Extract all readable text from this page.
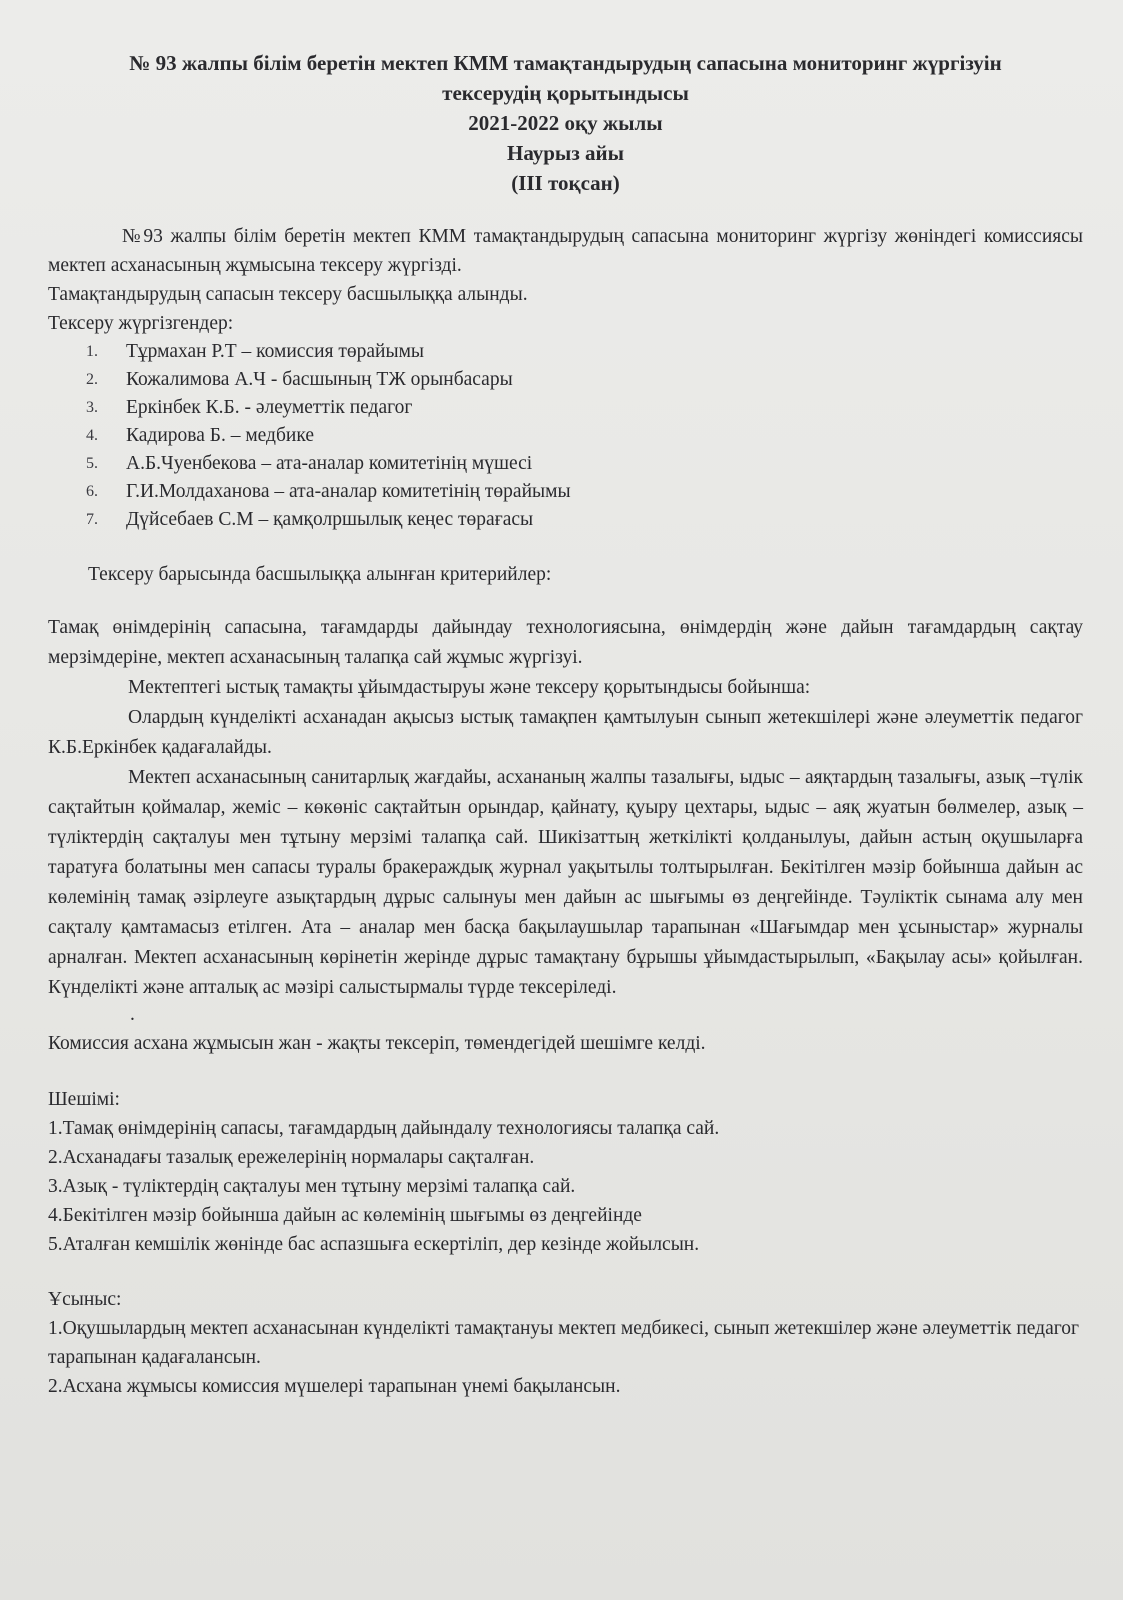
№ 93 жалпы білім беретін мектеп КММ тамақтандырудың сапасына мониторинг жүргізуін
тексерудің қорытындысы
2021-2022 оқу жылы
Наурыз айы
(ІІІ тоқсан)

№93 жалпы білім беретін мектеп КММ тамақтандырудың сапасына мониторинг жүргізу жөніндегі комиссиясы мектеп асханасының жұмысына тексеру жүргізді.

Тамақтандырудың сапасын тексеру басшылыққа алынды.

Тексеру жүргізгендер:

1.	Тұрмахан Р.Т – комиссия төрайымы
2.	Кожалимова А.Ч - басшының ТЖ орынбасары
3.	Еркінбек К.Б. - әлеуметтік педагог
4.	Кадирова Б. – медбике
5.	А.Б.Чуенбекова – ата-аналар комитетінің мүшесі
6.	Г.И.Молдаханова – ата-аналар комитетінің төрайымы
7.	Дүйсебаев С.М – қамқолршылық кеңес төрағасы

Тексеру барысында басшылыққа алынған критерийлер:

Тамақ өнімдерінің сапасына, тағамдарды дайындау технологиясына, өнімдердің және дайын тағамдардың сақтау мерзімдеріне, мектеп асханасының талапқа сай жұмыс жүргізуі.

Мектептегі ыстық тамақты ұйымдастыруы және тексеру қорытындысы бойынша:

Олардың күнделікті асханадан ақысыз ыстық тамақпен қамтылуын сынып жетекшілері және әлеуметтік педагог К.Б.Еркінбек қадағалайды.

Мектеп асханасының санитарлық жағдайы, асхананың жалпы тазалығы, ыдыс – аяқтардың тазалығы, азық –түлік сақтайтын қоймалар, жеміс – көкөніс сақтайтын орындар, қайнату, қуыру цехтары, ыдыс – аяқ жуатын бөлмелер, азық – түліктердің сақталуы мен тұтыну мерзімі талапқа сай. Шикізаттың жеткілікті қолданылуы, дайын астың оқушыларға таратуға болатыны мен сапасы туралы бракераждық журнал уақытылы толтырылған. Бекітілген мәзір бойынша дайын ас көлемінің тамақ әзірлеуге азықтардың дұрыс салынуы мен дайын ас шығымы өз деңгейінде. Тәуліктік сынама алу мен сақталу қамтамасыз етілген. Ата – аналар мен басқа бақылаушылар тарапынан «Шағымдар мен ұсыныстар» журналы арналған. Мектеп асханасының көрінетін жерінде дұрыс тамақтану бұрышы ұйымдастырылып, «Бақылау асы» қойылған. Күнделікті және апталық ас мәзірі салыстырмалы түрде тексеріледі.

.

Комиссия асхана жұмысын жан - жақты тексеріп, төмендегідей шешімге келді.

Шешімі:

1.Тамақ өнімдерінің сапасы, тағамдардың дайындалу технологиясы талапқа сай.

2.Асханадағы тазалық ережелерінің нормалары сақталған.

3.Азық - түліктердің сақталуы мен тұтыну мерзімі талапқа сай.

4.Бекітілген мәзір бойынша дайын ас көлемінің шығымы өз деңгейінде

5.Аталған кемшілік жөнінде бас аспазшыға ескертіліп, дер кезінде жойылсын.

Ұсыныс:

1.Оқушылардың мектеп асханасынан күнделікті тамақтануы мектеп медбикесі, сынып жетекшілер және әлеуметтік педагог тарапынан қадағалансын.

2.Асхана жұмысы комиссия мүшелері тарапынан үнемі бақылансын.
